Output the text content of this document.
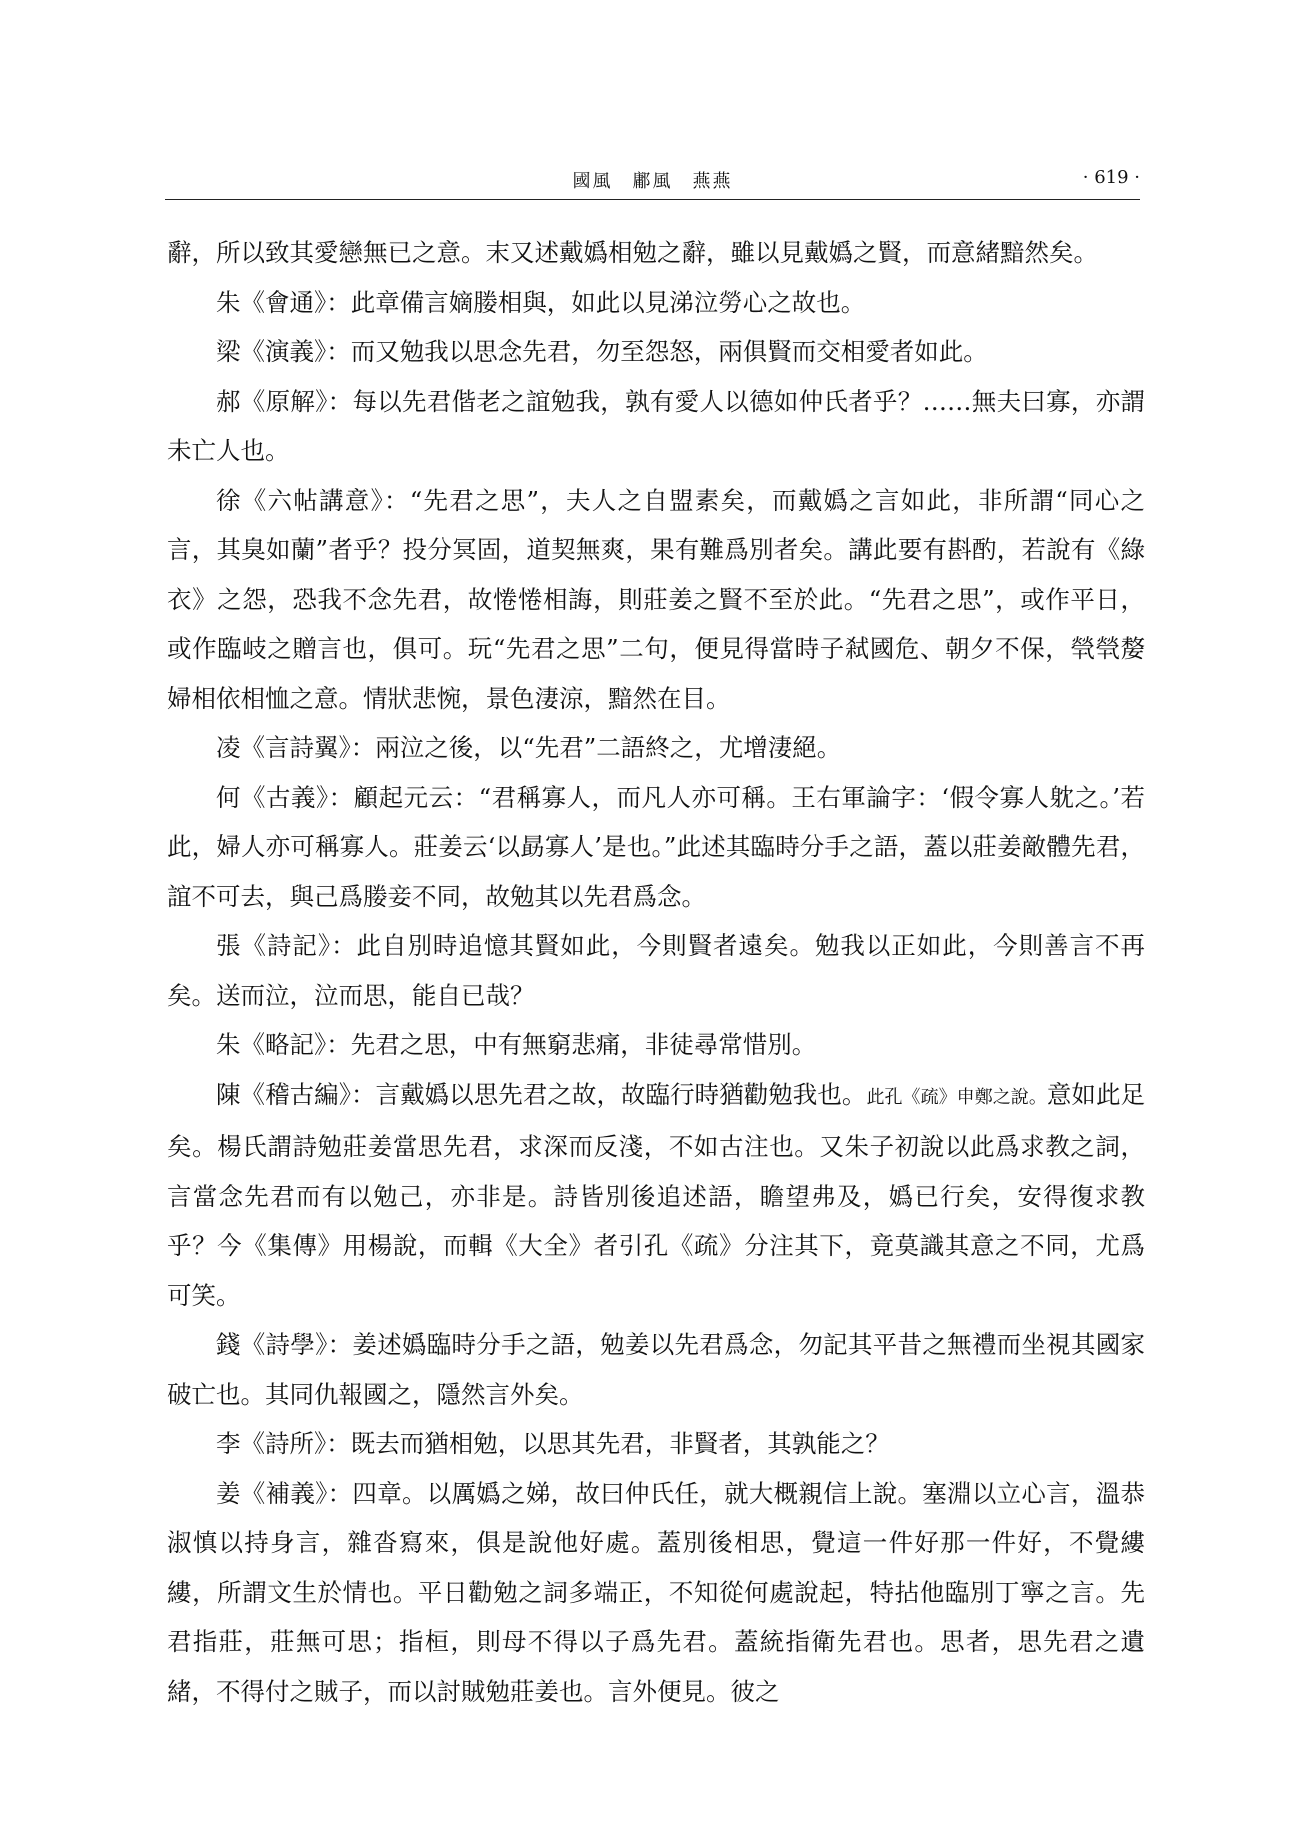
國風　鄘風　燕燕	· 619 ·

辭，所以致其愛戀無已之意。末又述戴嬀相勉之辭，雖以見戴嬀之賢，而意緒黯然矣。

朱《會通》：此章備言嫡媵相與，如此以見涕泣勞心之故也。

梁《演義》：而又勉我以思念先君，勿至怨怒，兩俱賢而交相愛者如此。

郝《原解》：每以先君偕老之誼勉我，孰有愛人以德如仲氏者乎？……無夫曰寡，亦謂未亡人也。

徐《六帖講意》：“先君之思”，夫人之自盟素矣，而戴嬀之言如此，非所謂“同心之言，其臭如蘭”者乎？投分冥固，道契無爽，果有難爲別者矣。講此要有斟酌，若說有《綠衣》之怨，恐我不念先君，故惓惓相誨，則莊姜之賢不至於此。“先君之思”，或作平日，或作臨岐之贈言也，俱可。玩“先君之思”二句，便見得當時子弒國危、朝夕不保，煢煢嫠婦相依相恤之意。情狀悲惋，景色淒涼，黯然在目。

凌《言詩翼》：兩泣之後，以“先君”二語終之，尤增淒絕。

何《古義》：顧起元云：“君稱寡人，而凡人亦可稱。王右軍論字：‘假令寡人躭之。’若此，婦人亦可稱寡人。莊姜云‘以勗寡人’是也。”此述其臨時分手之語，蓋以莊姜敵體先君，誼不可去，與己爲媵妾不同，故勉其以先君爲念。

張《詩記》：此自別時追憶其賢如此，今則賢者遠矣。勉我以正如此，今則善言不再矣。送而泣，泣而思，能自已哉？

朱《略記》：先君之思，中有無窮悲痛，非徒尋常惜別。

陳《稽古編》：言戴嬀以思先君之故，故臨行時猶勸勉我也。此孔《疏》申鄭之說。意如此足矣。楊氏謂詩勉莊姜當思先君，求深而反淺，不如古注也。又朱子初說以此爲求教之詞，言當念先君而有以勉己，亦非是。詩皆別後追述語，瞻望弗及，嬀已行矣，安得復求教乎？今《集傳》用楊說，而輯《大全》者引孔《疏》分注其下，竟莫識其意之不同，尤爲可笑。

錢《詩學》：姜述嬀臨時分手之語，勉姜以先君爲念，勿記其平昔之無禮而坐視其國家破亡也。其同仇報國之，隱然言外矣。

李《詩所》：既去而猶相勉，以思其先君，非賢者，其孰能之？

姜《補義》：四章。以厲嬀之娣，故曰仲氏任，就大概親信上說。塞淵以立心言，溫恭淑慎以持身言，雜沓寫來，俱是說他好處。蓋別後相思，覺這一件好那一件好，不覺縷縷，所謂文生於情也。平日勸勉之詞多端正，不知從何處說起，特拈他臨別丁寧之言。先君指莊，莊無可思；指桓，則母不得以子爲先君。蓋統指衛先君也。思者，思先君之遺緒，不得付之賊子，而以討賊勉莊姜也。言外便見。彼之
